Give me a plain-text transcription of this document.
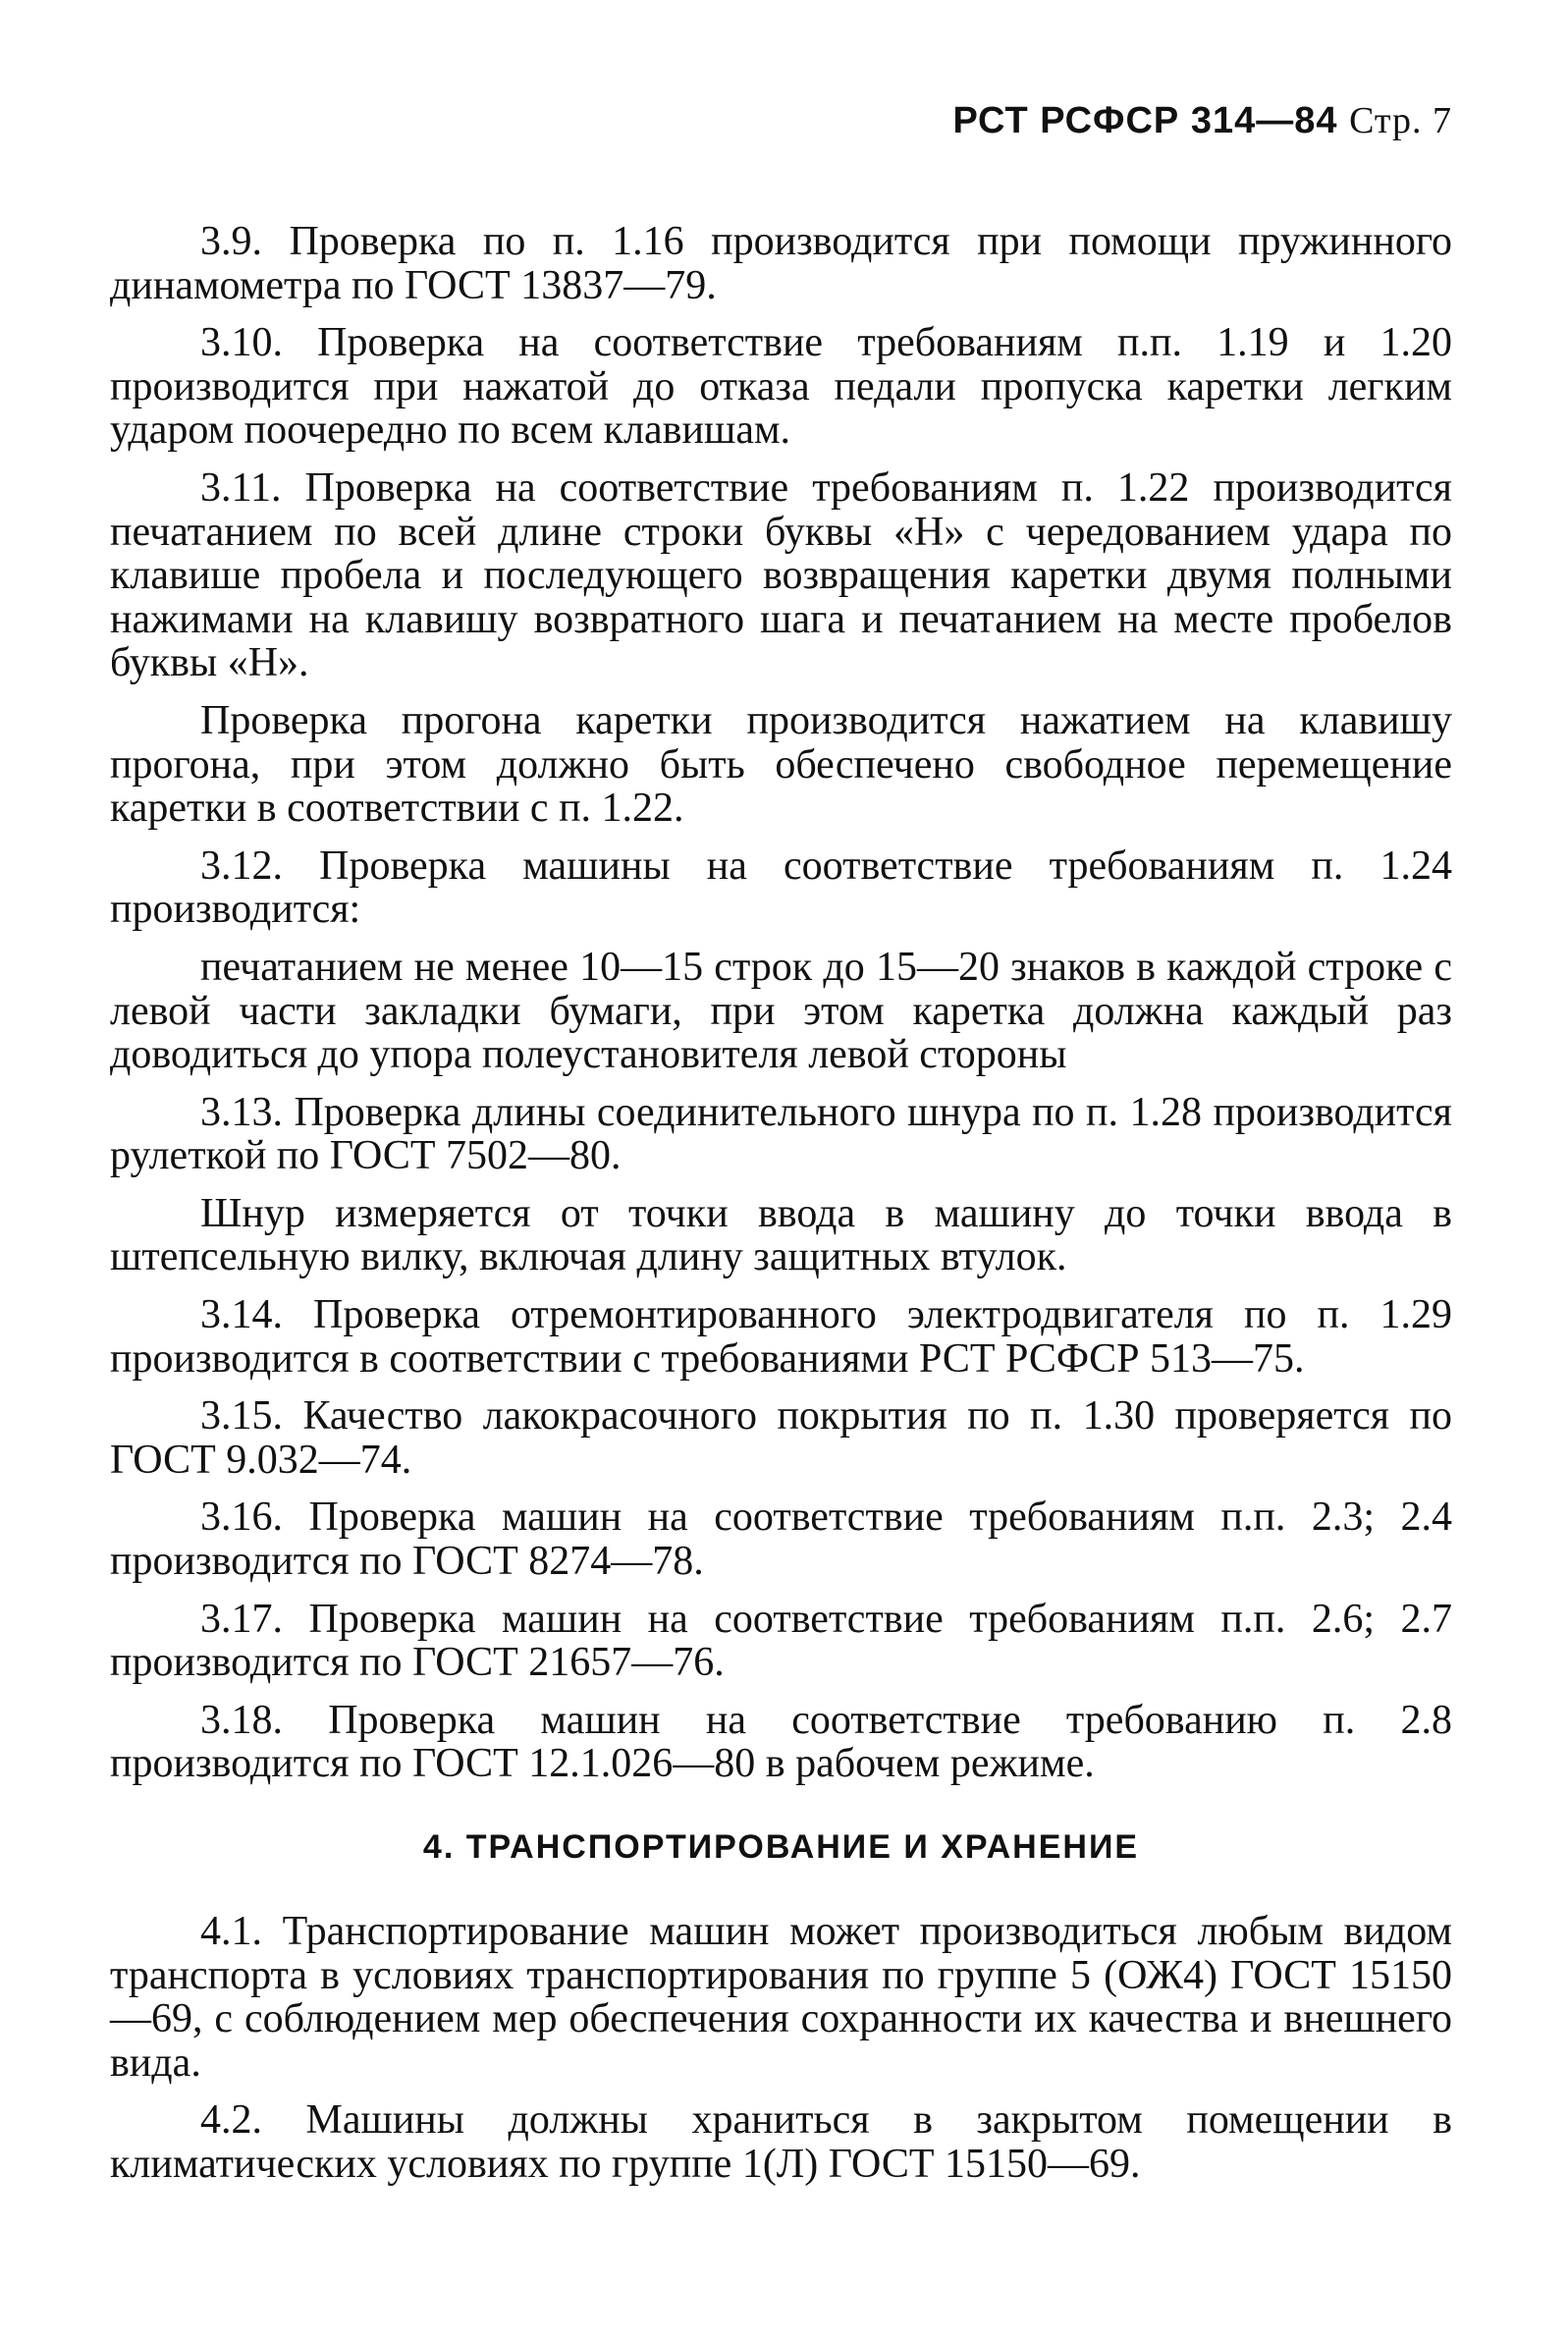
РСТ РСФСР 314—84 Стр. 7

3.9. Проверка по п. 1.16 производится при помощи пружинного динамометра по ГОСТ 13837—79.

3.10. Проверка на соответствие требованиям п.п. 1.19 и 1.20 производится при нажатой до отказа педали пропуска каретки легким ударом поочередно по всем клавишам.

3.11. Проверка на соответствие требованиям п. 1.22 производится печатанием по всей длине строки буквы «Н» с чередованием удара по клавише пробела и последующего возвращения каретки двумя полными нажимами на клавишу возвратного шага и печатанием на месте пробелов буквы «Н».

Проверка прогона каретки производится нажатием на клавишу прогона, при этом должно быть обеспечено свободное перемещение каретки в соответствии с п. 1.22.

3.12. Проверка машины на соответствие требованиям п. 1.24 производится:

печатанием не менее 10—15 строк до 15—20 знаков в каждой строке с левой части закладки бумаги, при этом каретка должна каждый раз доводиться до упора полеустановителя левой стороны

3.13. Проверка длины соединительного шнура по п. 1.28 производится рулеткой по ГОСТ 7502—80.

Шнур измеряется от точки ввода в машину до точки ввода в штепсельную вилку, включая длину защитных втулок.

3.14. Проверка отремонтированного электродвигателя по п. 1.29 производится в соответствии с требованиями РСТ РСФСР 513—75.

3.15. Качество лакокрасочного покрытия по п. 1.30 проверяется по ГОСТ 9.032—74.

3.16. Проверка машин на соответствие требованиям п.п. 2.3; 2.4 производится по ГОСТ 8274—78.

3.17. Проверка машин на соответствие требованиям п.п. 2.6; 2.7 производится по ГОСТ 21657—76.

3.18. Проверка машин на соответствие требованию п. 2.8 производится по ГОСТ 12.1.026—80 в рабочем режиме.

4. ТРАНСПОРТИРОВАНИЕ И ХРАНЕНИЕ

4.1. Транспортирование машин может производиться любым видом транспорта в условиях транспортирования по группе 5 (ОЖ4) ГОСТ 15150—69, с соблюдением мер обеспечения сохранности их качества и внешнего вида.

4.2. Машины должны храниться в закрытом помещении в климатических условиях по группе 1(Л) ГОСТ 15150—69.
